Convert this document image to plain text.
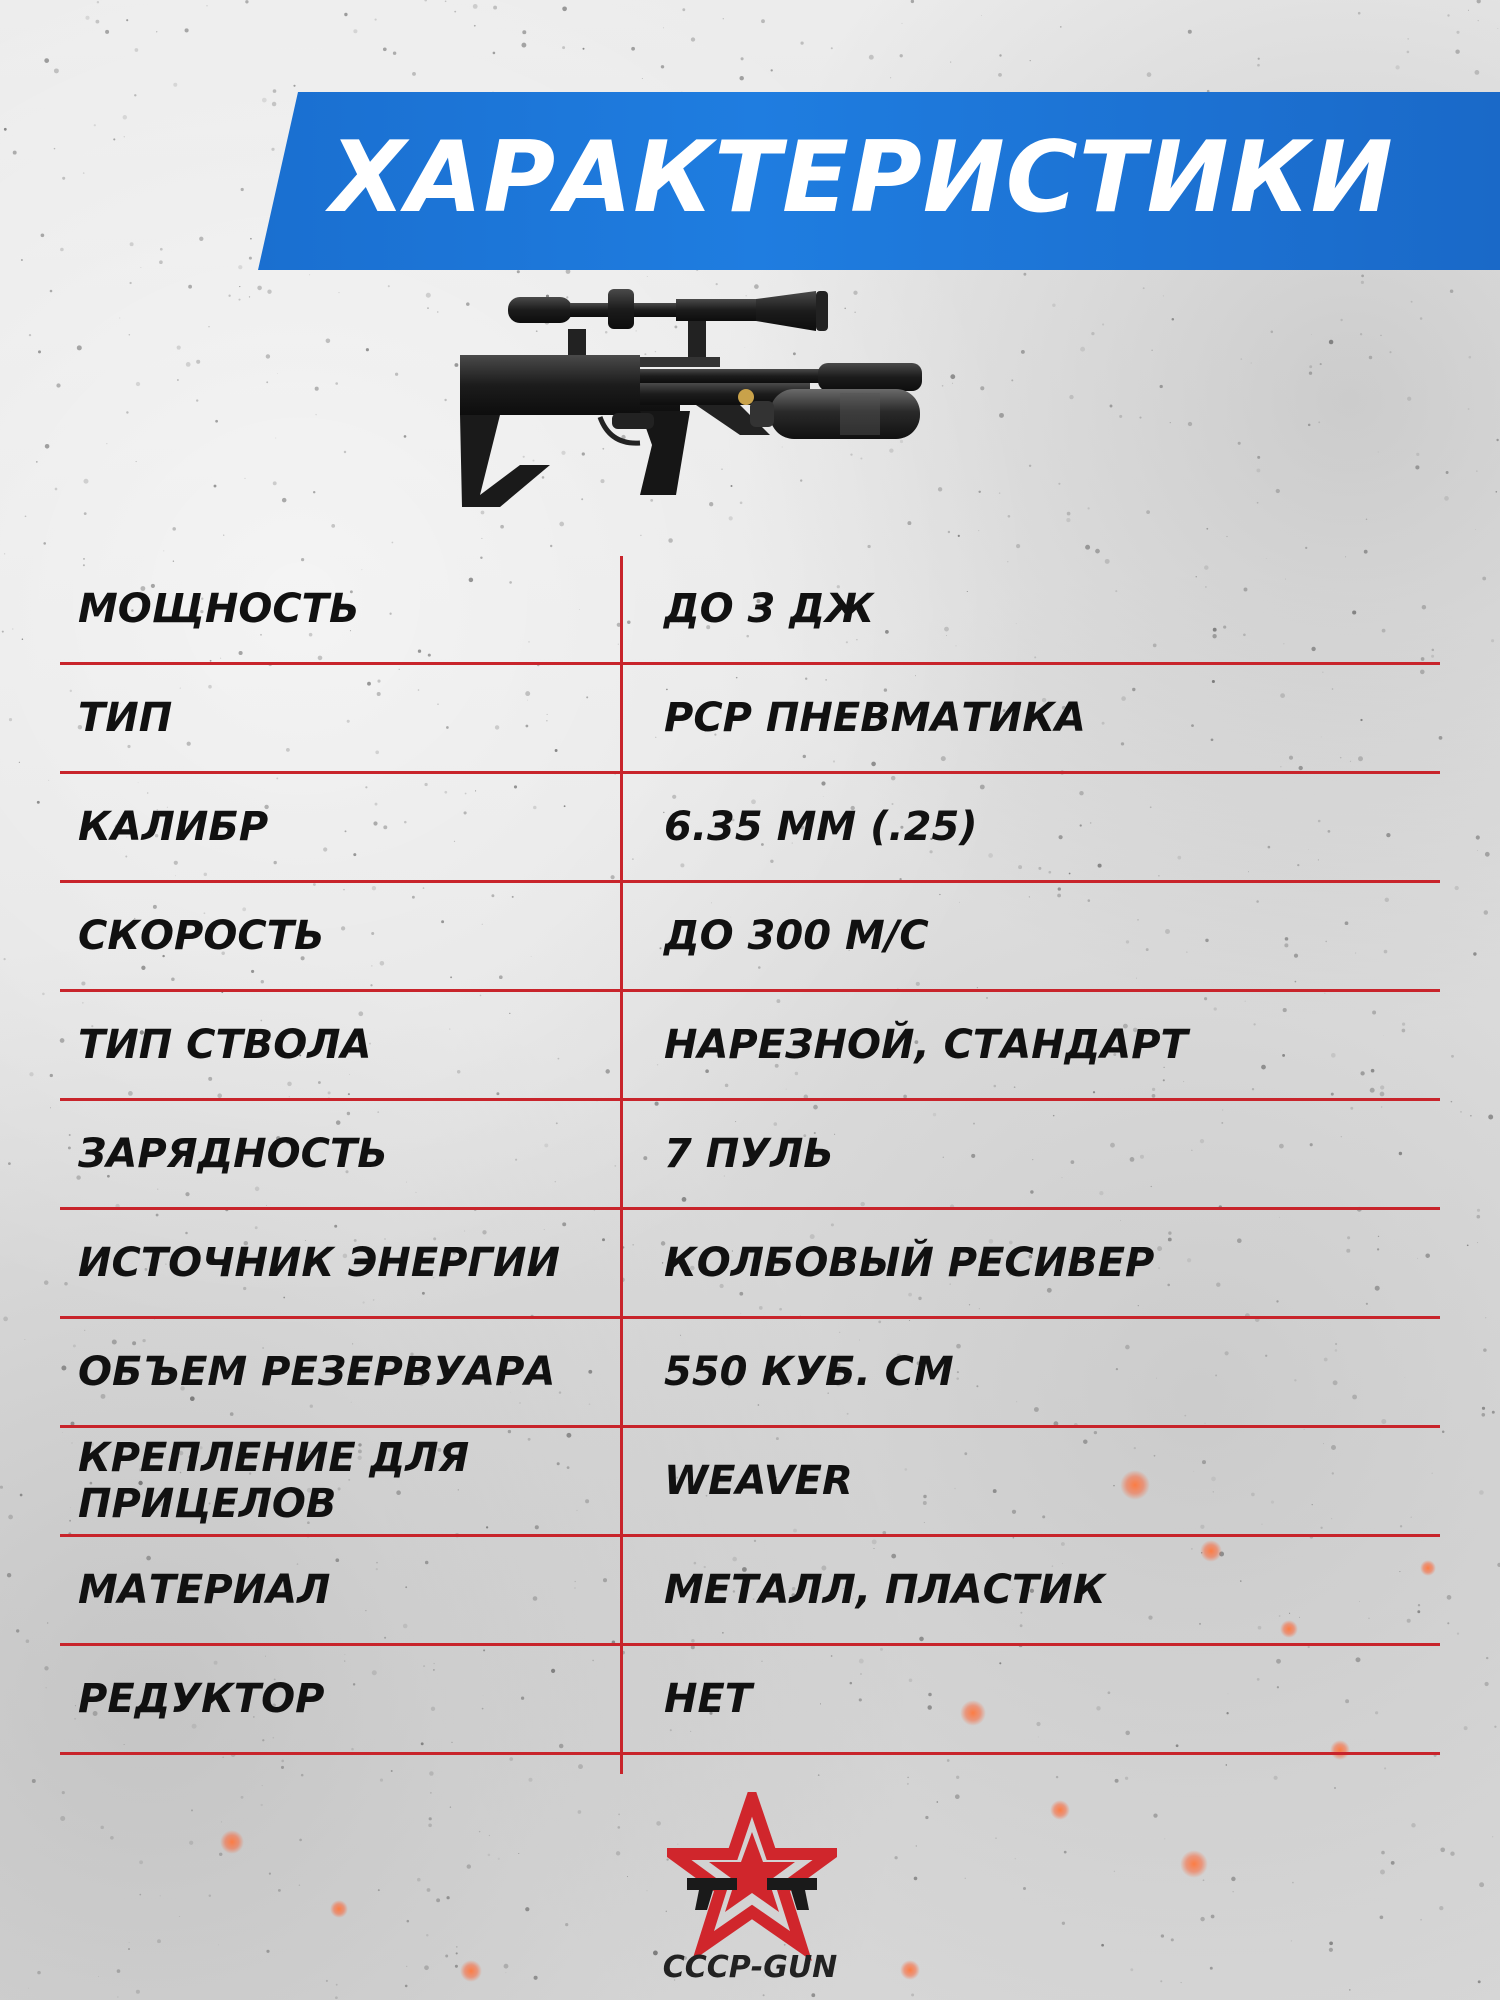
ХАРАКТЕРИСТИКИ
МОЩНОСТЬ	ДО 3 ДЖ
ТИП	PCP ПНЕВМАТИКА
КАЛИБР	6.35 ММ (.25)
СКОРОСТЬ	ДО 300 М/С
ТИП СТВОЛА	НАРЕЗНОЙ, СТАНДАРТ
ЗАРЯДНОСТЬ	7 ПУЛЬ
ИСТОЧНИК ЭНЕРГИИ	КОЛБОВЫЙ РЕСИВЕР
ОБЪЕМ РЕЗЕРВУАРА	550 КУБ. СМ
КРЕПЛЕНИЕ ДЛЯ ПРИЦЕЛОВ	WEAVER
МАТЕРИАЛ	МЕТАЛЛ, ПЛАСТИК
РЕДУКТОР	НЕТ
СССР-GUN
